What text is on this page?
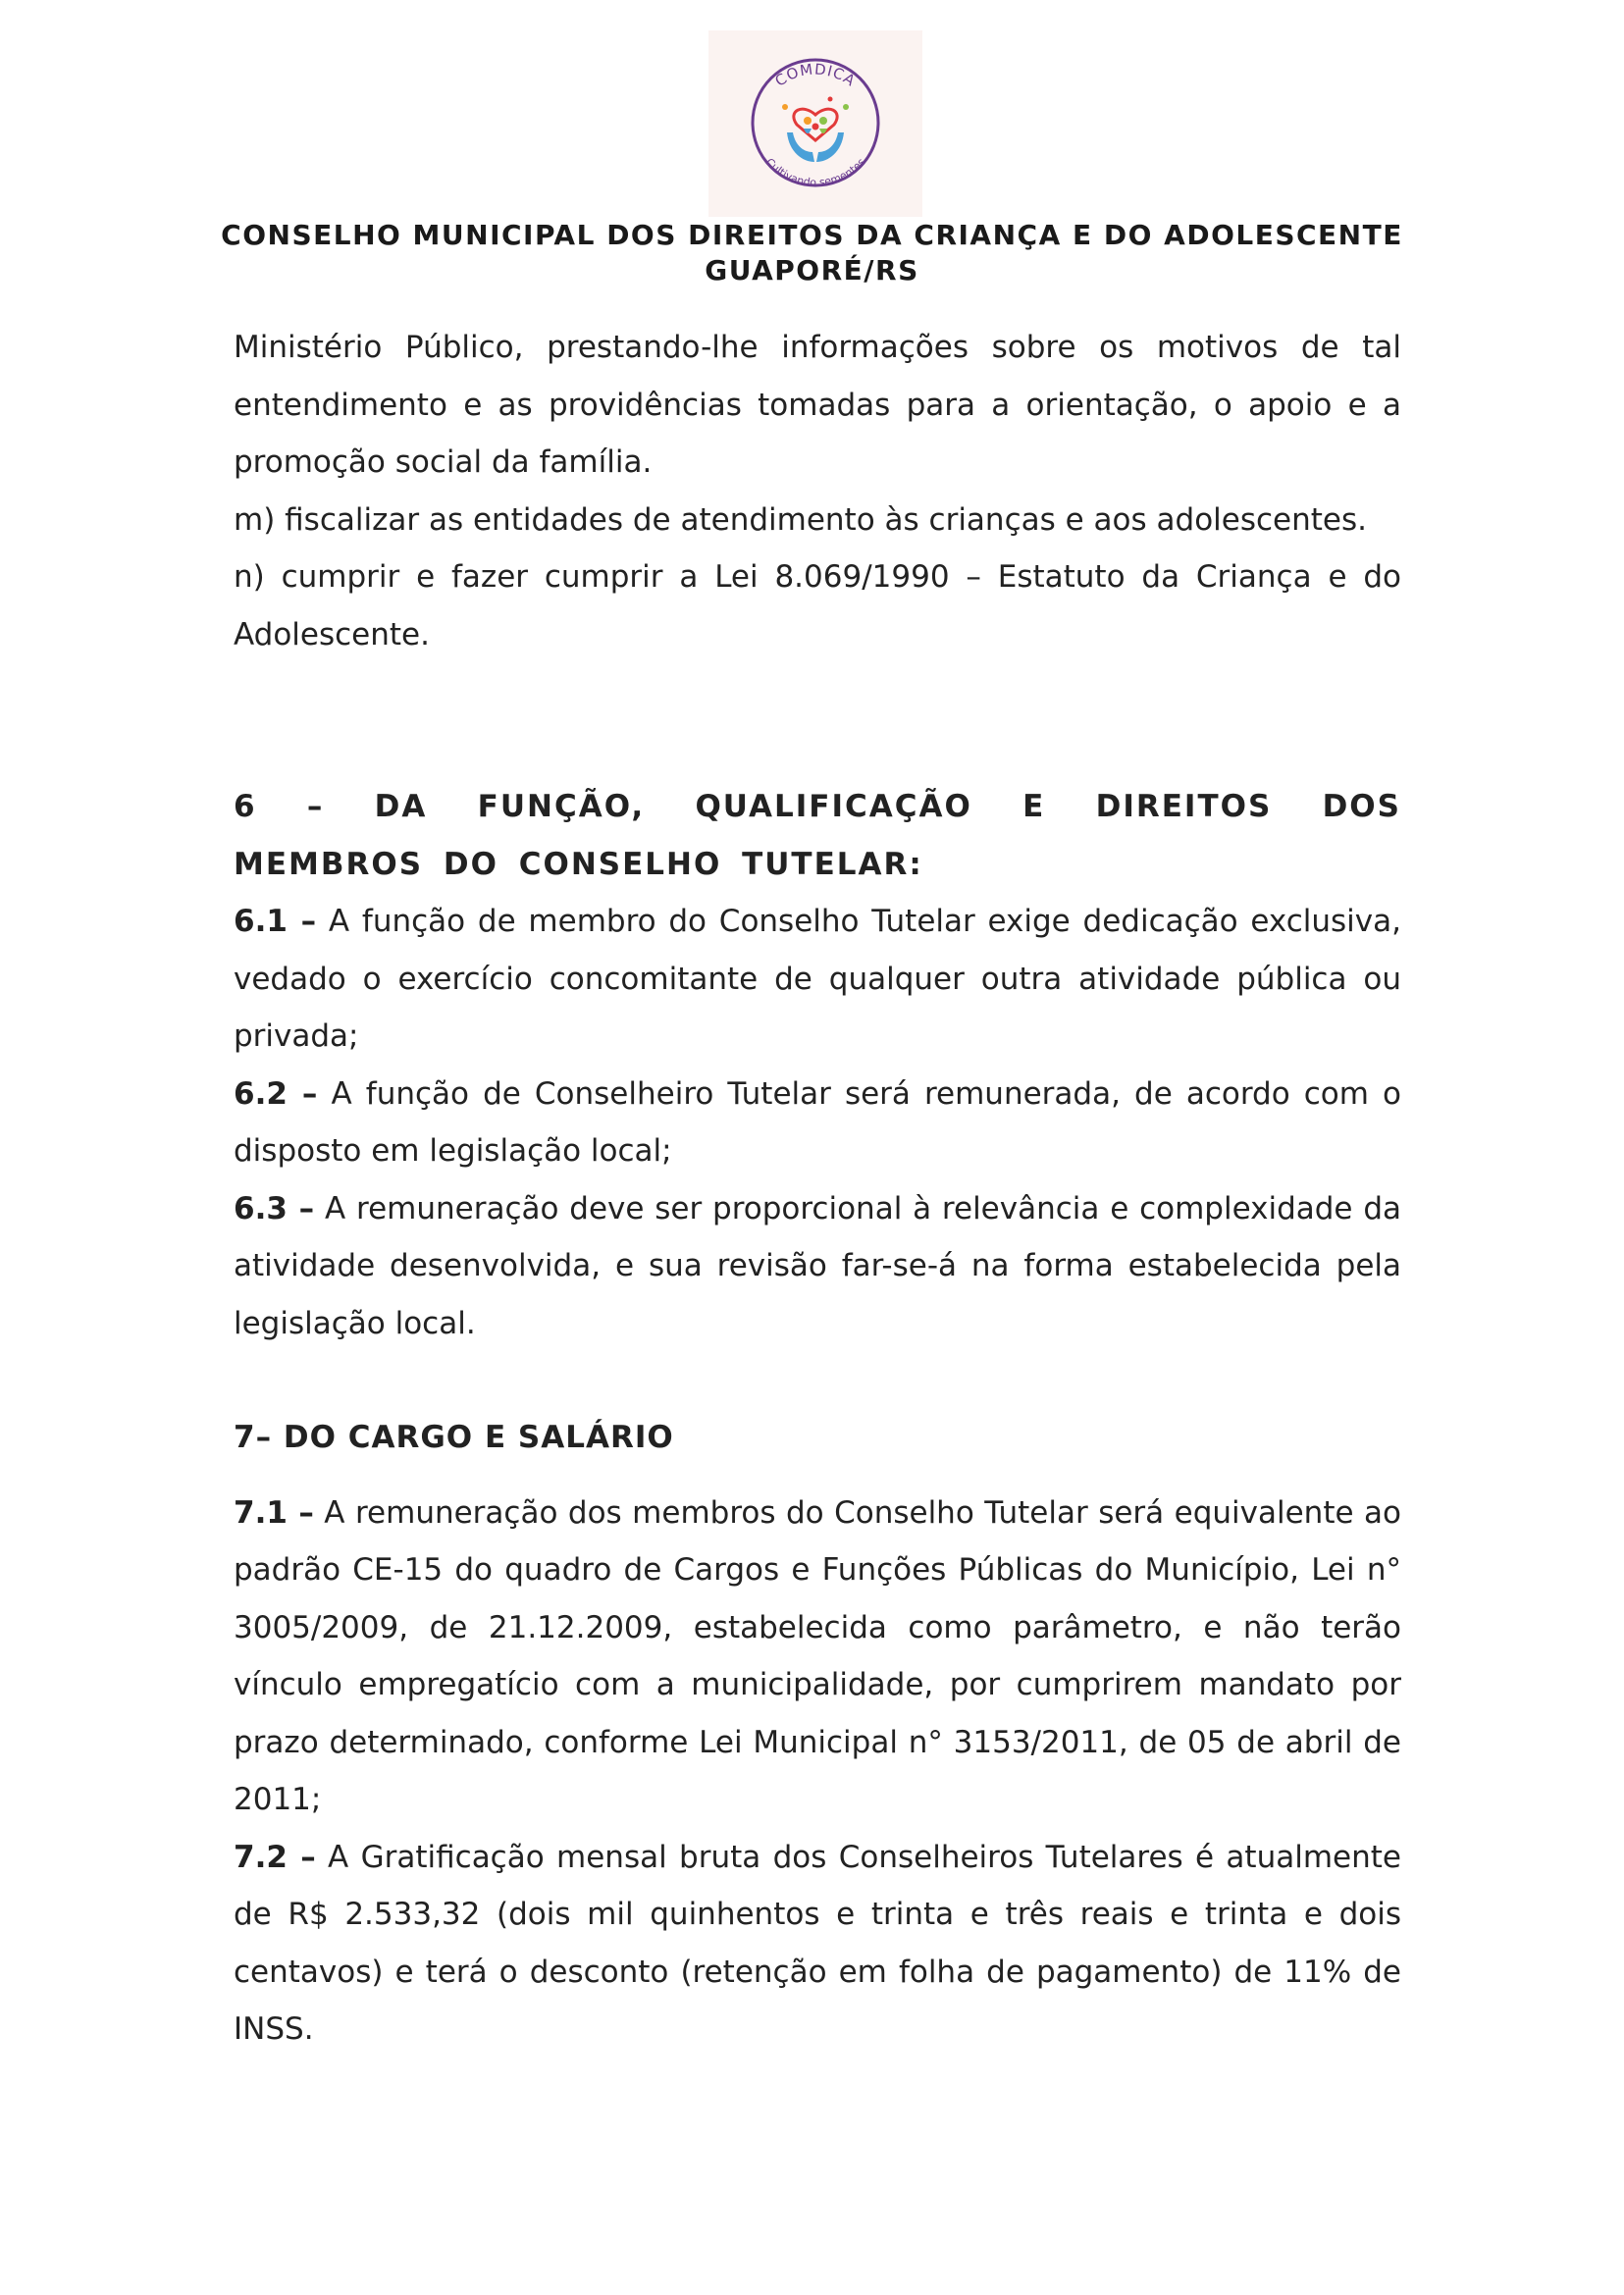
COMDICA
Cultivando sementes
CONSELHO MUNICIPAL DOS DIREITOS DA CRIANÇA E DO ADOLESCENTE
GUAPORÉ/RS

Ministério Público, prestando-lhe informações sobre os motivos de tal entendimento e as providências tomadas para a orientação, o apoio e a promoção social da família.

m) fiscalizar as entidades de atendimento às crianças e aos adolescentes.

n) cumprir e fazer cumprir a Lei 8.069/1990 – Estatuto da Criança e do Adolescente.

6 – DA FUNÇÃO, QUALIFICAÇÃO E DIREITOS DOS MEMBROS DO CONSELHO TUTELAR:

6.1 – A função de membro do Conselho Tutelar exige dedicação exclusiva, vedado o exercício concomitante de qualquer outra atividade pública ou privada;

6.2 – A função de Conselheiro Tutelar será remunerada, de acordo com o disposto em legislação local;

6.3 – A remuneração deve ser proporcional à relevância e complexidade da atividade desenvolvida, e sua revisão far-se-á na forma estabelecida pela legislação local.

7– DO CARGO E SALÁRIO

7.1 – A remuneração dos membros do Conselho Tutelar será equivalente ao padrão CE-15 do quadro de Cargos e Funções Públicas do Município, Lei n° 3005/2009, de 21.12.2009, estabelecida como parâmetro, e não terão vínculo empregatício com a municipalidade, por cumprirem mandato por prazo determinado, conforme Lei Municipal n° 3153/2011, de 05 de abril de 2011;

7.2 – A Gratificação mensal bruta dos Conselheiros Tutelares é atualmente de R$ 2.533,32 (dois mil quinhentos e trinta e três reais e trinta e dois centavos) e terá o desconto (retenção em folha de pagamento) de 11% de INSS.
